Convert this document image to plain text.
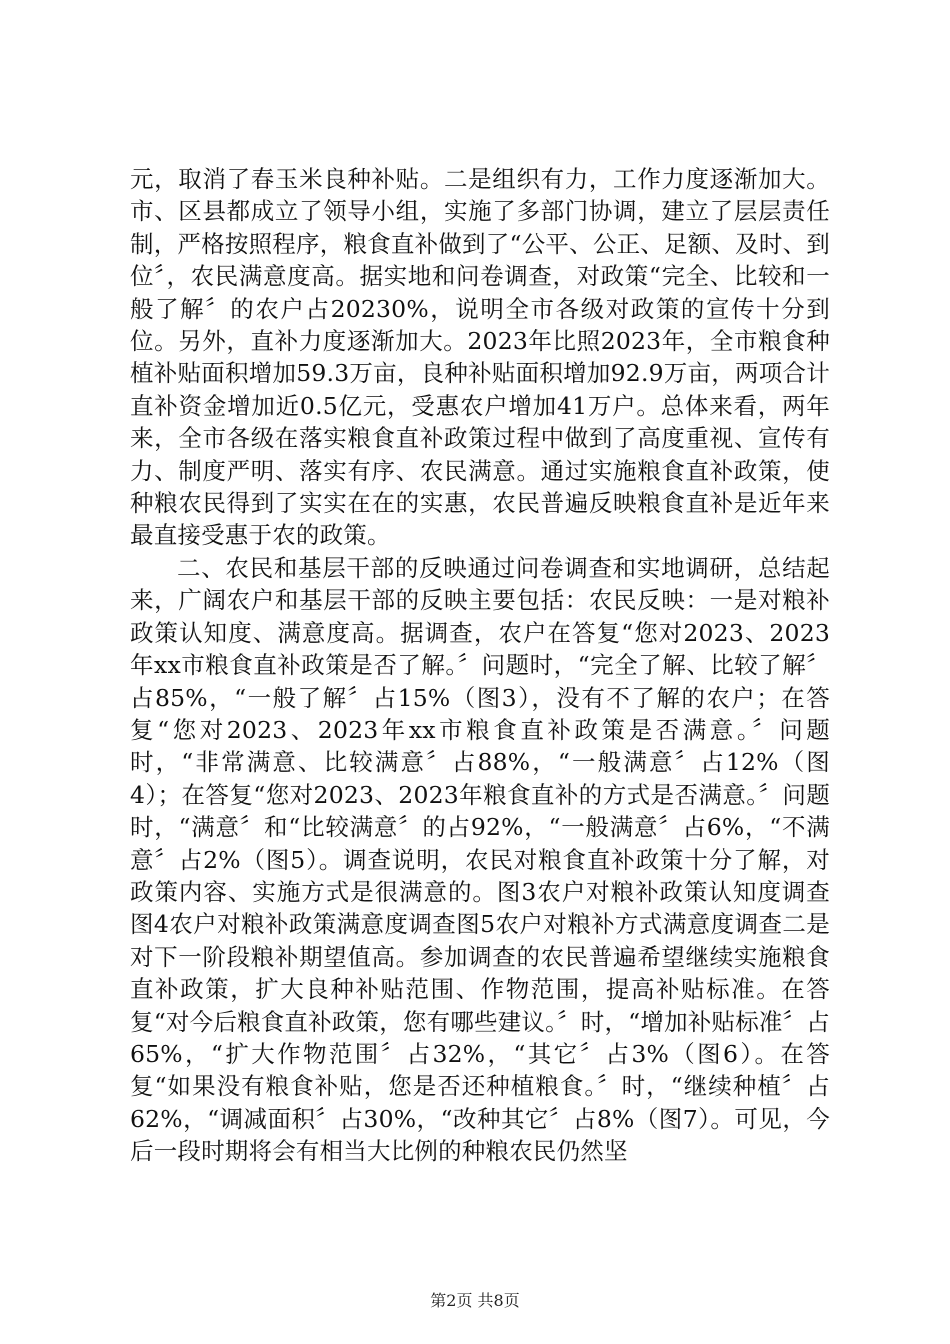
元，取消了春玉米良种补贴。二是组织有力，工作力度逐渐加大。市、区县都成立了领导小组，实施了多部门协调，建立了层层责任制，严格按照程序，粮食直补做到了“公平、公正、足额、及时、到位〞，农民满意度高。据实地和问卷调查，对政策“完全、比较和一般了解〞的农户占20230%，说明全市各级对政策的宣传十分到位。另外，直补力度逐渐加大。2023年比照2023年，全市粮食种植补贴面积增加59.3万亩，良种补贴面积增加92.9万亩，两项合计直补资金增加近0.5亿元，受惠农户增加41万户。总体来看，两年来，全市各级在落实粮食直补政策过程中做到了高度重视、宣传有力、制度严明、落实有序、农民满意。通过实施粮食直补政策，使种粮农民得到了实实在在的实惠，农民普遍反映粮食直补是近年来最直接受惠于农的政策。

二、农民和基层干部的反映通过问卷调查和实地调研，总结起来，广阔农户和基层干部的反映主要包括：农民反映：一是对粮补政策认知度、满意度高。据调查，农户在答复“您对2023、2023年xx市粮食直补政策是否了解。〞问题时，“完全了解、比较了解〞占85%，“一般了解〞占15%（图3），没有不了解的农户；在答复“您对2023、2023年xx市粮食直补政策是否满意。〞问题时，“非常满意、比较满意〞占88%，“一般满意〞占12%（图4）；在答复“您对2023、2023年粮食直补的方式是否满意。〞问题时，“满意〞和“比较满意〞的占92%，“一般满意〞占6%，“不满意〞占2%（图5）。调查说明，农民对粮食直补政策十分了解，对政策内容、实施方式是很满意的。图3农户对粮补政策认知度调查图4农户对粮补政策满意度调查图5农户对粮补方式满意度调查二是对下一阶段粮补期望值高。参加调查的农民普遍希望继续实施粮食直补政策，扩大良种补贴范围、作物范围，提高补贴标准。在答复“对今后粮食直补政策，您有哪些建议。〞时，“增加补贴标准〞占65%，“扩大作物范围〞占32%，“其它〞占3%（图6）。在答复“如果没有粮食补贴，您是否还种植粮食。〞时，“继续种植〞占62%，“调减面积〞占30%，“改种其它〞占8%（图7）。可见，今后一段时期将会有相当大比例的种粮农民仍然坚

第2页 共8页
